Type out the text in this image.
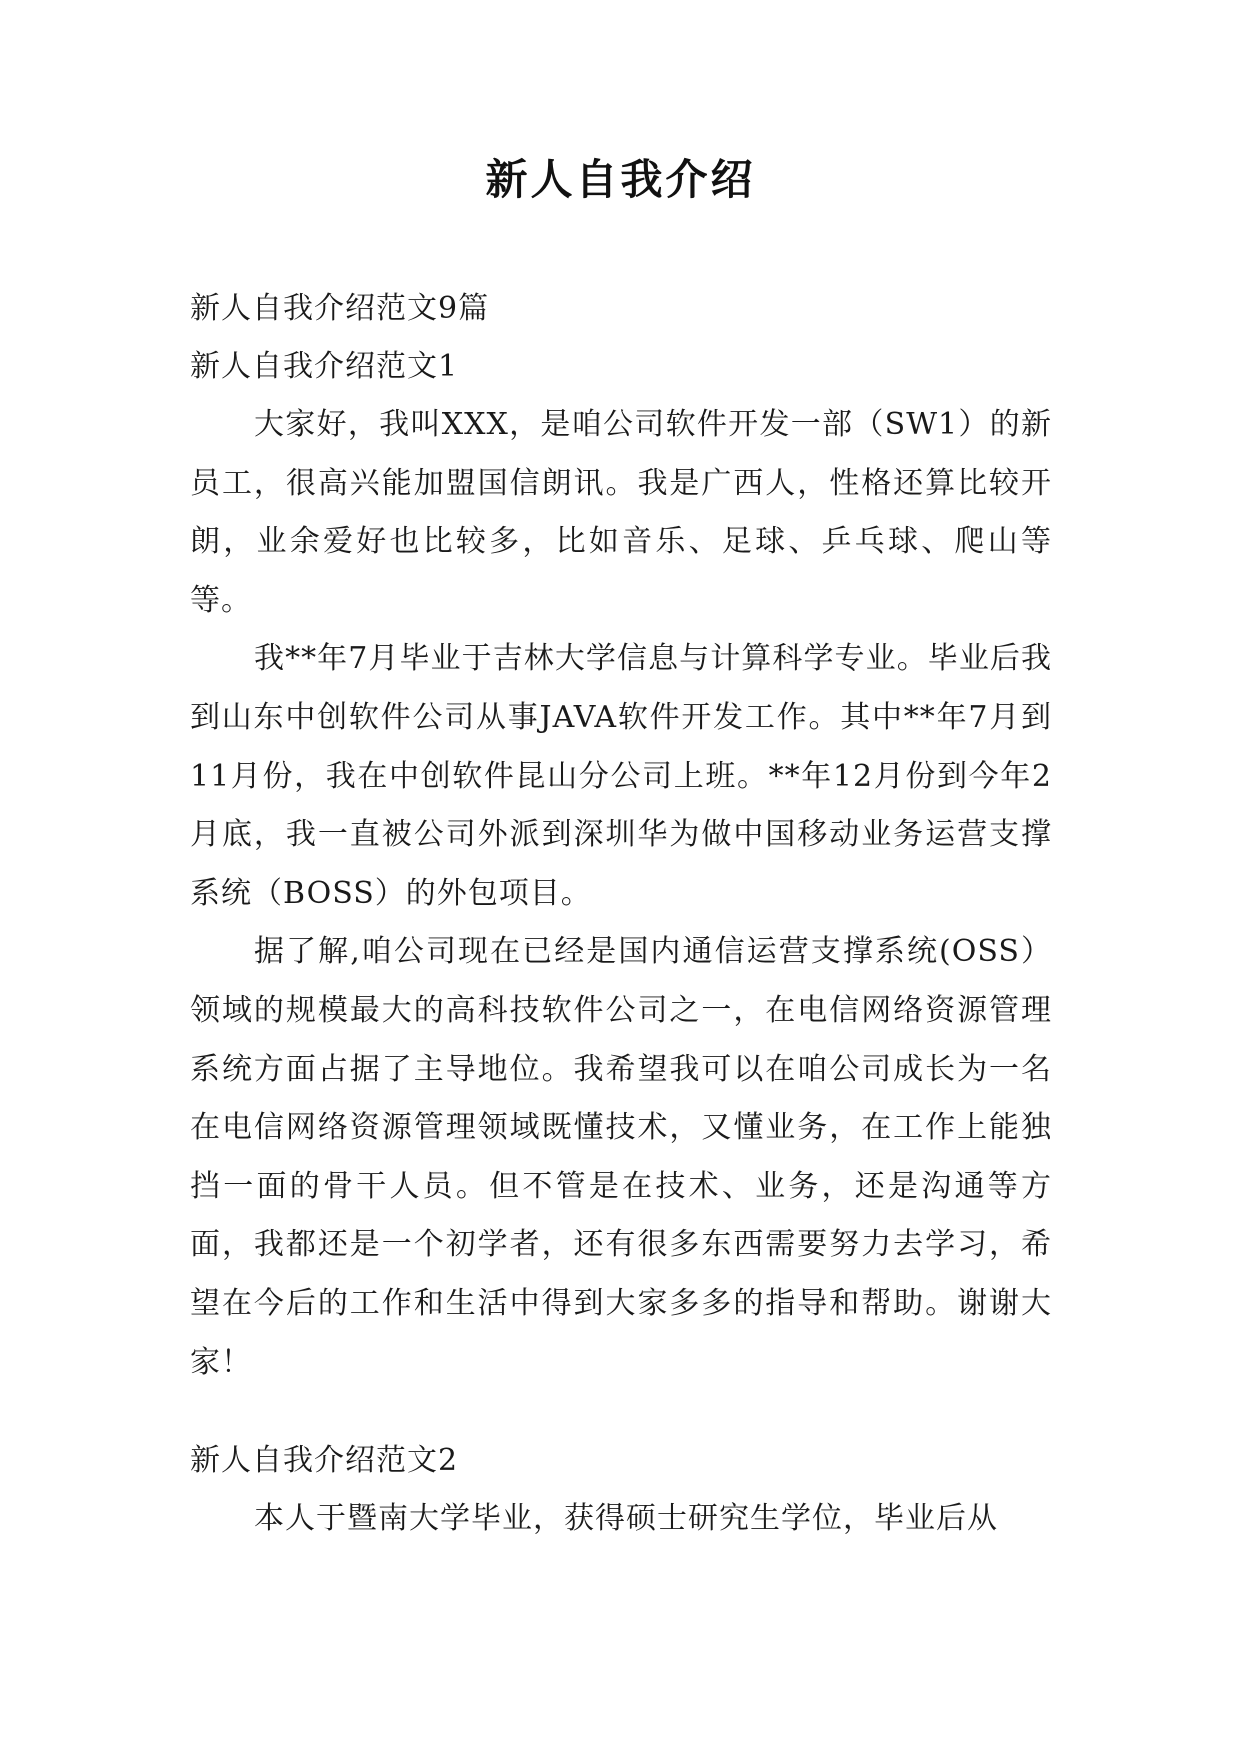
新人自我介绍

新人自我介绍范文9篇

新人自我介绍范文1

大家好，我叫XXX，是咱公司软件开发一部（SW1）的新员工，很高兴能加盟国信朗讯。我是广西人，性格还算比较开朗，业余爱好也比较多，比如音乐、足球、乒乓球、爬山等等。

我**年7月毕业于吉林大学信息与计算科学专业。毕业后我到山东中创软件公司从事JAVA软件开发工作。其中**年7月到11月份，我在中创软件昆山分公司上班。**年12月份到今年2月底，我一直被公司外派到深圳华为做中国移动业务运营支撑系统（BOSS）的外包项目。

据了解,咱公司现在已经是国内通信运营支撑系统(OSS）领域的规模最大的高科技软件公司之一，在电信网络资源管理系统方面占据了主导地位。我希望我可以在咱公司成长为一名在电信网络资源管理领域既懂技术，又懂业务，在工作上能独挡一面的骨干人员。但不管是在技术、业务，还是沟通等方面，我都还是一个初学者，还有很多东西需要努力去学习，希望在今后的工作和生活中得到大家多多的指导和帮助。谢谢大家！

新人自我介绍范文2

本人于暨南大学毕业，获得硕士研究生学位，毕业后从
